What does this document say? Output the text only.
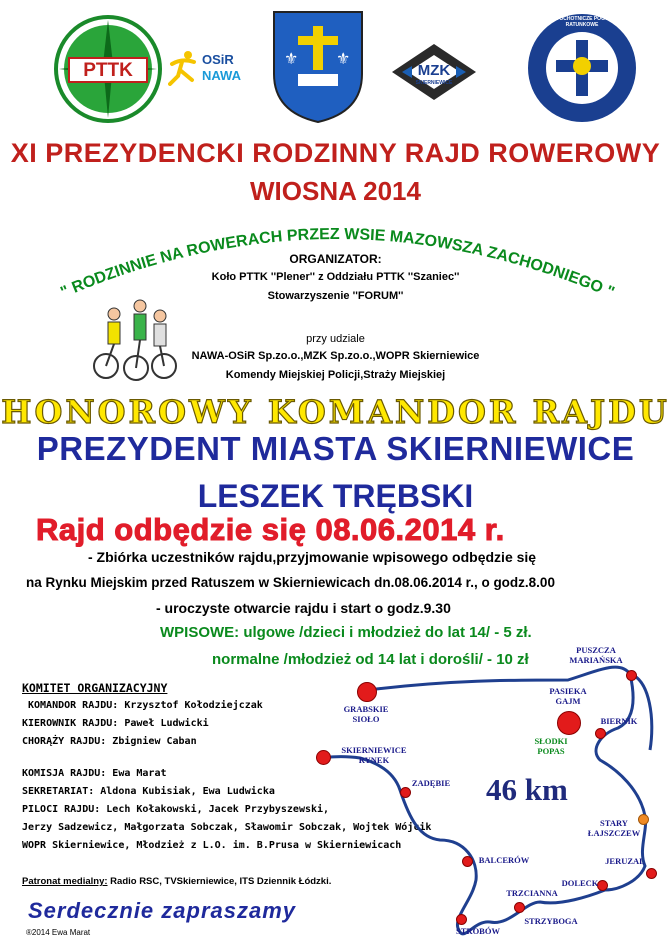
PTTK
OSiR
NAWA
⚜ ⚜
MZK
SKIERNIEWICE
WODNE OCHOTNICZE POGOTOWIE RATUNKOWE
XI PREZYDENCKI RODZINNY RAJD ROWEROWY
WIOSNA 2014
" RODZINNIE NA ROWERACH PRZEZ WSIE MAZOWSZA ZACHODNIEGO "
ORGANIZATOR:
Koło PTTK ''Plener'' z Oddziału PTTK ''Szaniec''
Stowarzyszenie ''FORUM''
przy udziale
NAWA-OSiR Sp.zo.o.,MZK Sp.zo.o.,WOPR Skierniewice
Komendy Miejskiej Policji,Straży Miejskiej
HONOROWY KOMANDOR RAJDU
PREZYDENT MIASTA SKIERNIEWICE
LESZEK TRĘBSKI
Rajd odbędzie się 08.06.2014 r.
- Zbiórka uczestników rajdu,przyjmowanie wpisowego odbędzie się
na Rynku Miejskim przed Ratuszem w Skierniewicach dn.08.06.2014 r., o godz.8.00
- uroczyste otwarcie rajdu i start o godz.9.30
WPISOWE: ulgowe /dzieci i młodzież do lat 14/ - 5 zł.
normalne /młodzież od 14 lat i dorośli/ - 10 zł
KOMITET ORGANIZACYJNY
KOMANDOR RAJDU: Krzysztof Kołodziejczak
KIEROWNIK RAJDU: Paweł Ludwicki
CHORĄŻY RAJDU: Zbigniew Caban
KOMISJA RAJDU: Ewa Marat
SEKRETARIAT: Aldona Kubisiak, Ewa Ludwicka
PILOCI RAJDU: Lech Kołakowski, Jacek Przybyszewski,
Jerzy Sadzewicz, Małgorzata Sobczak, Sławomir Sobczak, Wojtek Wójcik
WOPR Skierniewice, Młodzież z L.O. im. B.Prusa w Skierniewicach
Patronat medialny: Radio RSC, TVSkierniewice, ITS Dziennik Łódzki.
Serdecznie zapraszamy
®2014 Ewa Marat
PUSZCZA
MARIAŃSKA
PASIEKA
GAJM
BIERNIK
SŁODKI
POPAS
GRABSKIE
SIOŁO
SKIERNIEWICE
RYNEK
ZADĘBIE
STARY
ŁAJSZCZEW
BALCERÓW	JERUZAL
DOLECK
TRZCIANNA
STRZYBOGA
STROBÓW
46 km
